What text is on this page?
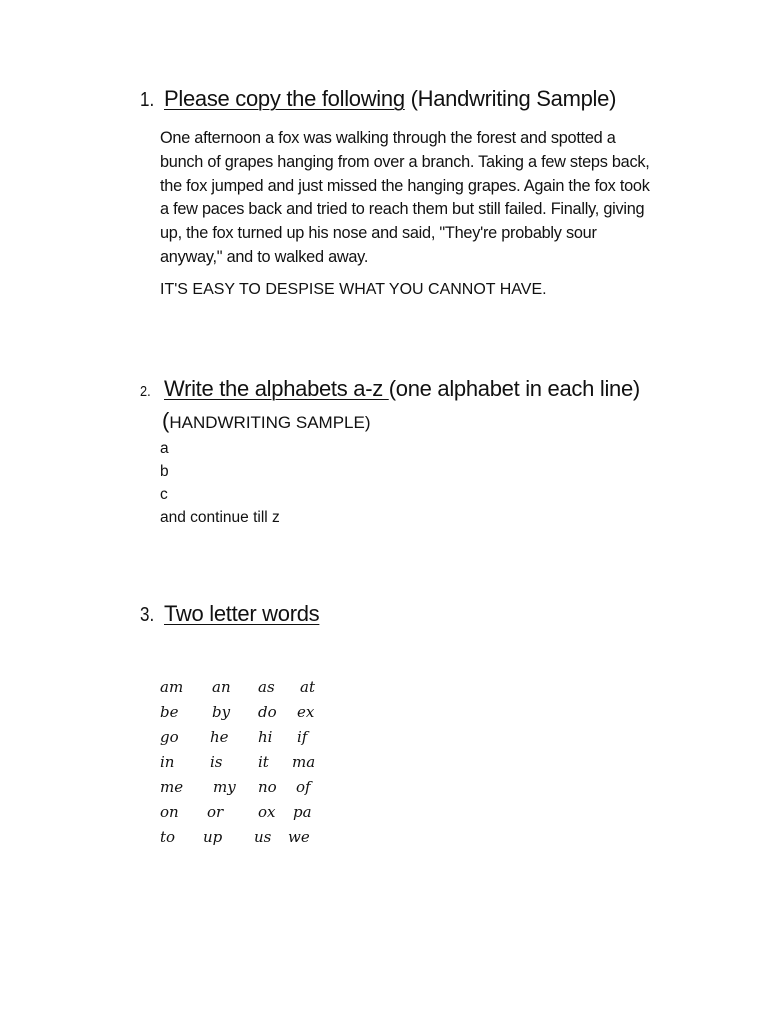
1. Please copy the following (Handwriting Sample)

One afternoon a fox was walking through the forest and spotted a bunch of grapes hanging from over a branch. Taking a few steps back, the fox jumped and just missed the hanging grapes. Again the fox took a few paces back and tried to reach them but still failed. Finally, giving up, the fox turned up his nose and said, "They're probably sour anyway," and to walked away.

IT'S EASY TO DESPISE WHAT YOU CANNOT HAVE.

2. Write the alphabets a-z (one alphabet in each line)
(HANDWRITING SAMPLE)
a
b
c
and continue till z
3. Two letter words
am an as at
be by do ex
go he hi if
in is it ma
me my no of
on or ox pa
to up us we
